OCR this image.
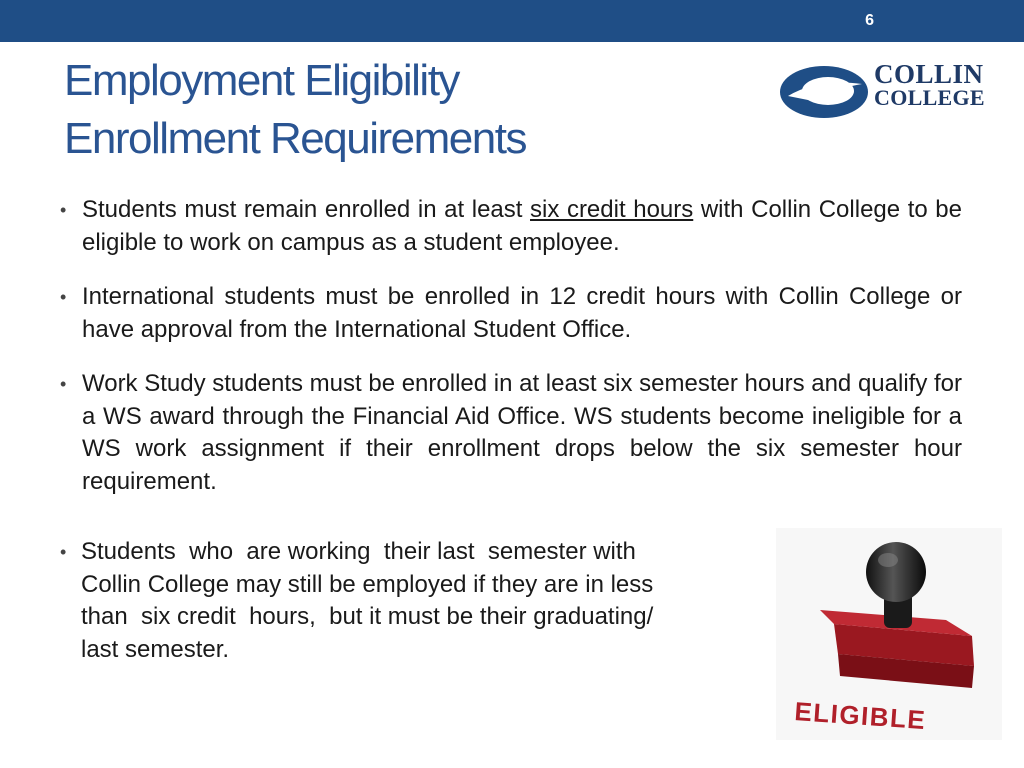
6
Employment Eligibility
Enrollment Requirements
COLLIN
COLLEGE
• Students must remain enrolled in at least six credit hours with Collin College to be eligible to work on campus as a student employee.
• International students must be enrolled in 12 credit hours with Collin College or have approval from the International Student Office.
• Work Study students must be enrolled in at least six semester hours and qualify for a WS award through the Financial Aid Office. WS students become ineligible for a WS work assignment if their enrollment drops below the six semester hour requirement.
• Students  who  are working  their last  semester with
Collin College may still be employed if they are in less
than  six credit  hours,  but it must be their graduating/
last semester.
ELIGIBLE
